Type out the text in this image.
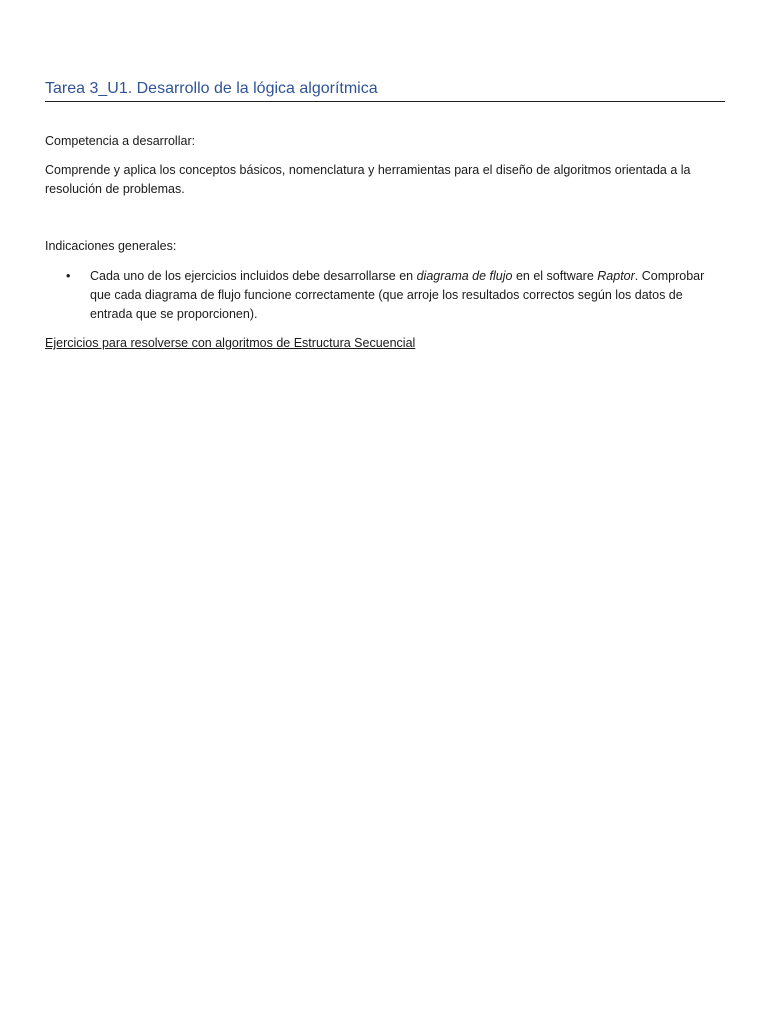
Tarea 3_U1. Desarrollo de la lógica algorítmica
Competencia a desarrollar:
Comprende y aplica los conceptos básicos, nomenclatura y herramientas para el diseño de algoritmos orientada a la resolución de problemas.
Indicaciones generales:
• Cada uno de los ejercicios incluidos debe desarrollarse en diagrama de flujo en el software Raptor. Comprobar que cada diagrama de flujo funcione correctamente (que arroje los resultados correctos según los datos de entrada que se proporcionen).
Ejercicios para resolverse con algoritmos de Estructura Secuencial
